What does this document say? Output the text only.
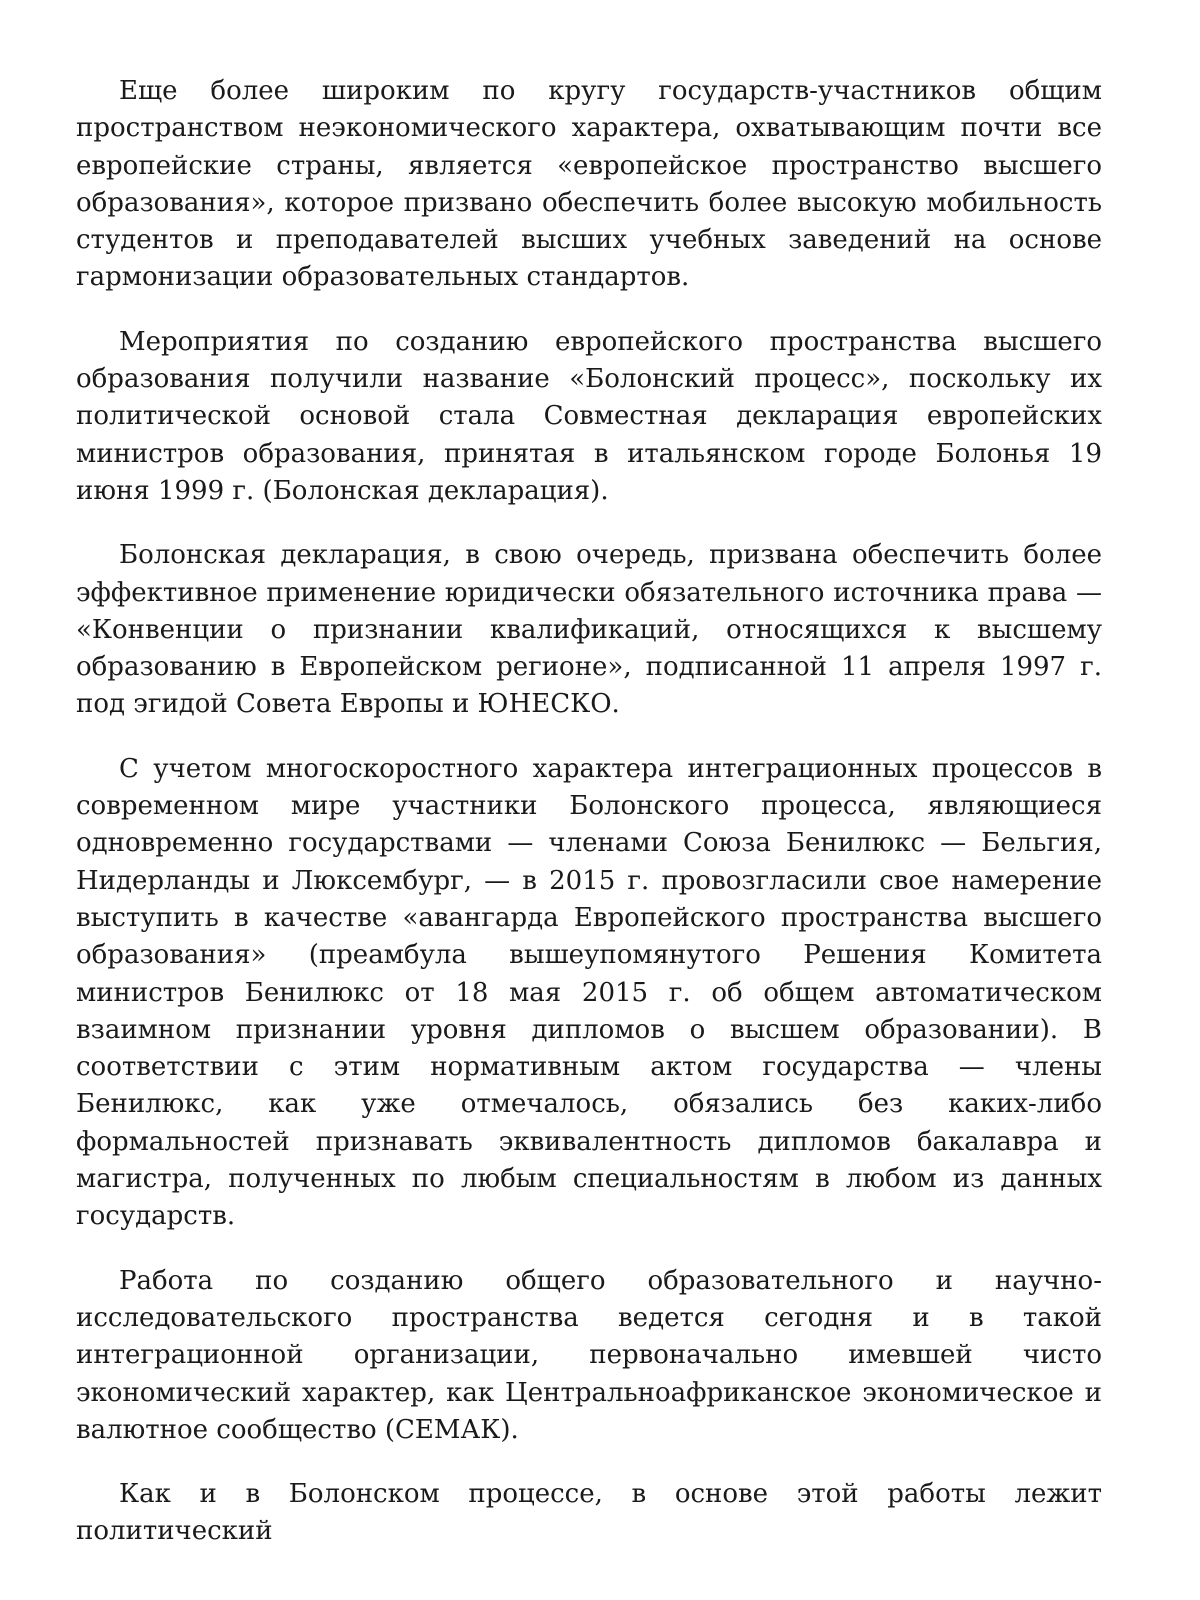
Еще более широким по кругу государств-участников общим пространством неэкономического характера, охватывающим почти все европейские страны, является «европейское пространство высшего образования», которое призвано обеспечить более высокую мобильность студентов и преподавателей высших учебных заведений на основе гармонизации образовательных стандартов.

Мероприятия по созданию европейского пространства высшего образования получили название «Болонский процесс», поскольку их политической основой стала Совместная декларация европейских министров образования, принятая в итальянском городе Болонья 19 июня 1999 г. (Болонская декларация).

Болонская декларация, в свою очередь, призвана обеспечить более эффективное применение юридически обязательного источника права — «Конвенции о признании квалификаций, относящихся к высшему образованию в Европейском регионе», подписанной 11 апреля 1997 г. под эгидой Совета Европы и ЮНЕСКО.

С учетом многоскоростного характера интеграционных процессов в современном мире участники Болонского процесса, являющиеся одновременно государствами — членами Союза Бенилюкс — Бельгия, Нидерланды и Люксембург, — в 2015 г. провозгласили свое намерение выступить в качестве «авангарда Европейского пространства высшего образования» (преамбула вышеупомянутого Решения Комитета министров Бенилюкс от 18 мая 2015 г. об общем автоматическом взаимном признании уровня дипломов о высшем образовании). В соответствии с этим нормативным актом государства — члены Бенилюкс, как уже отмечалось, обязались без каких-либо формальностей признавать эквивалентность дипломов бакалавра и магистра, полученных по любым специальностям в любом из данных государств.

Работа по созданию общего образовательного и научно-исследовательского пространства ведется сегодня и в такой интеграционной организации, первоначально имевшей чисто экономический характер, как Центральноафриканское экономическое и валютное сообщество (СЕМАК).

Как и в Болонском процессе, в основе этой работы лежит политический
